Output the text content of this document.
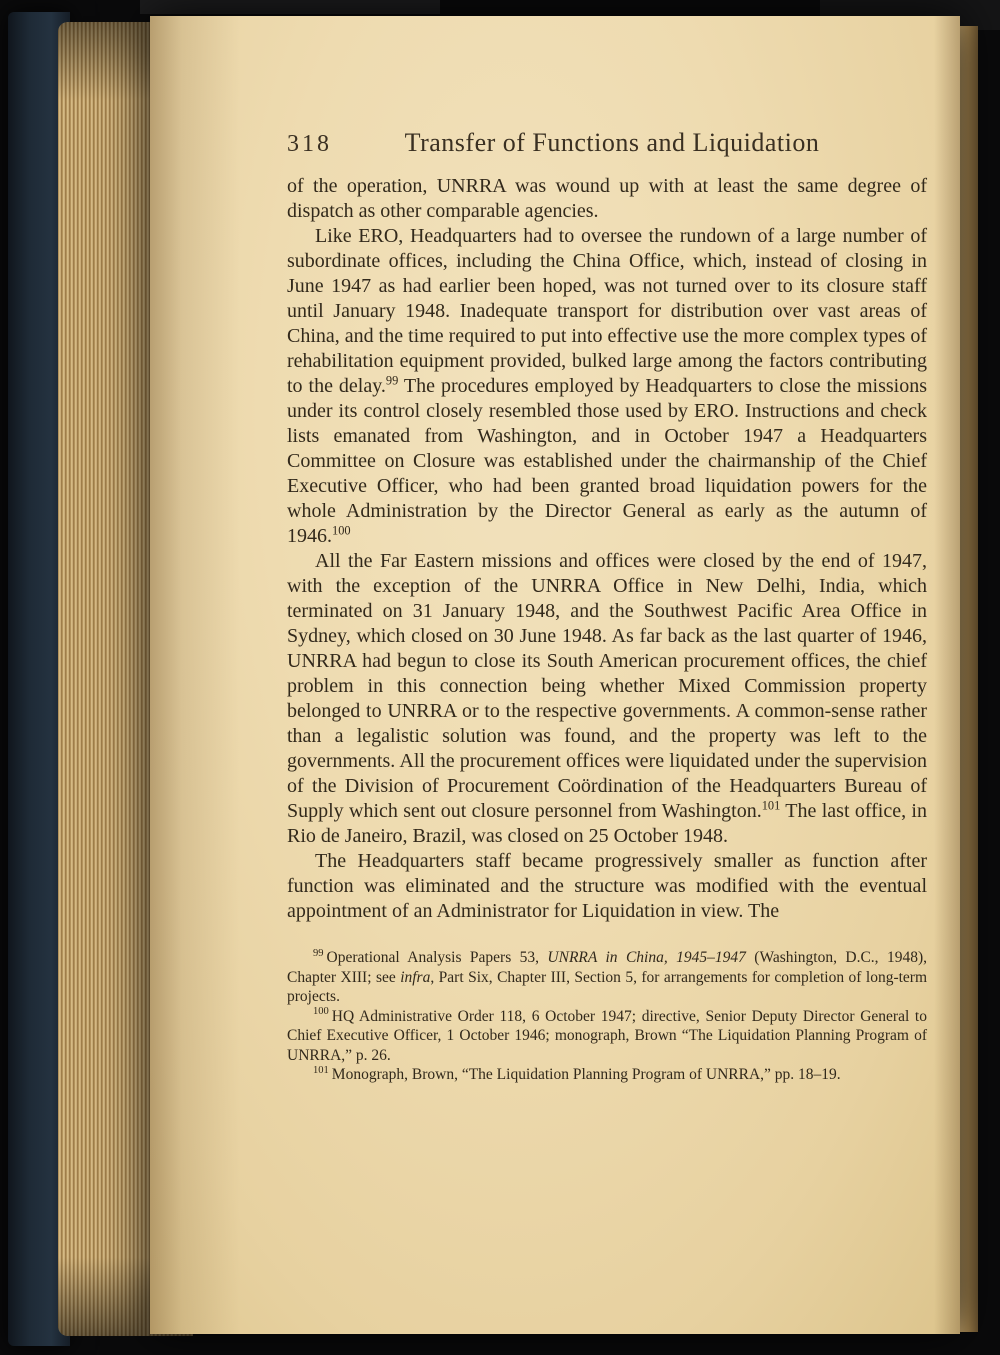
318	Transfer of Functions and Liquidation

of the operation, UNRRA was wound up with at least the same degree of dispatch as other comparable agencies.

Like ERO, Headquarters had to oversee the rundown of a large number of subordinate offices, including the China Office, which, instead of closing in June 1947 as had earlier been hoped, was not turned over to its closure staff until January 1948. Inadequate transport for distribution over vast areas of China, and the time required to put into effective use the more complex types of rehabilitation equipment provided, bulked large among the factors contributing to the delay.$^{99}$ The procedures employed by Headquarters to close the missions under its control closely resembled those used by ERO. Instructions and check lists emanated from Washington, and in October 1947 a Headquarters Committee on Closure was established under the chairmanship of the Chief Executive Officer, who had been granted broad liquidation powers for the whole Administration by the Director General as early as the autumn of 1946.$^{100}$

All the Far Eastern missions and offices were closed by the end of 1947, with the exception of the UNRRA Office in New Delhi, India, which terminated on 31 January 1948, and the Southwest Pacific Area Office in Sydney, which closed on 30 June 1948. As far back as the last quarter of 1946, UNRRA had begun to close its South American procurement offices, the chief problem in this connection being whether Mixed Commission property belonged to UNRRA or to the respective governments. A common-sense rather than a legalistic solution was found, and the property was left to the governments. All the procurement offices were liquidated under the supervision of the Division of Procurement Coördination of the Headquarters Bureau of Supply which sent out closure personnel from Washington.$^{101}$ The last office, in Rio de Janeiro, Brazil, was closed on 25 October 1948.

The Headquarters staff became progressively smaller as function after function was eliminated and the structure was modified with the eventual appointment of an Administrator for Liquidation in view. The

$^{99}$ Operational Analysis Papers 53, UNRRA in China, 1945–1947 (Washington, D.C., 1948), Chapter XIII; see infra, Part Six, Chapter III, Section 5, for arrangements for completion of long-term projects.

$^{100}$ HQ Administrative Order 118, 6 October 1947; directive, Senior Deputy Director General to Chief Executive Officer, 1 October 1946; monograph, Brown “The Liquidation Planning Program of UNRRA,” p. 26.

$^{101}$ Monograph, Brown, “The Liquidation Planning Program of UNRRA,” pp. 18–19.
